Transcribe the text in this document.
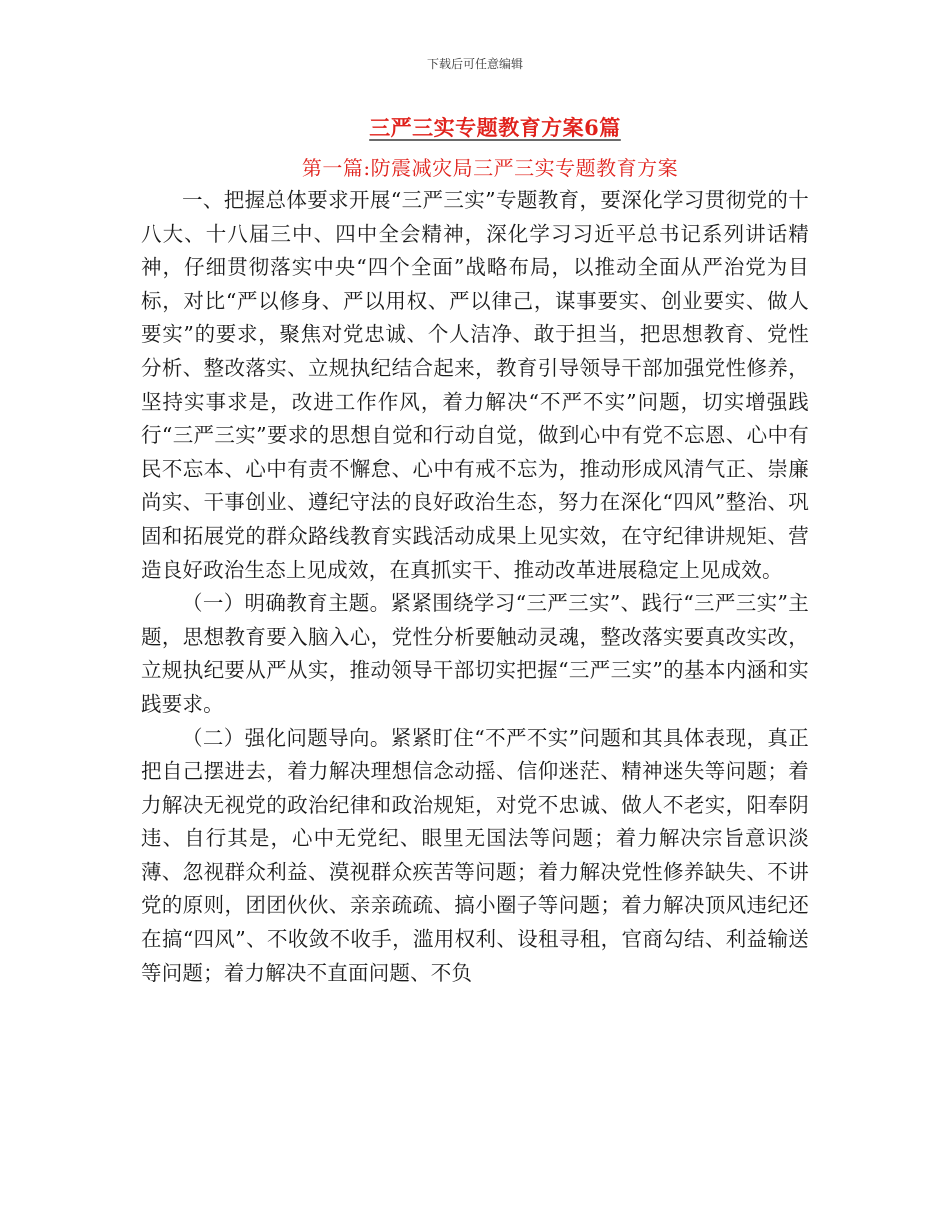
下载后可任意编辑
三严三实专题教育方案6篇
第一篇:防震减灾局三严三实专题教育方案

一、把握总体要求开展“三严三实”专题教育，要深化学习贯彻党的十八大、十八届三中、四中全会精神，深化学习习近平总书记系列讲话精神，仔细贯彻落实中央“四个全面”战略布局，以推动全面从严治党为目标，对比“严以修身、严以用权、严以律己，谋事要实、创业要实、做人要实”的要求，聚焦对党忠诚、个人洁净、敢于担当，把思想教育、党性分析、整改落实、立规执纪结合起来，教育引导领导干部加强党性修养，坚持实事求是，改进工作作风，着力解决“不严不实”问题，切实增强践行“三严三实”要求的思想自觉和行动自觉，做到心中有党不忘恩、心中有民不忘本、心中有责不懈怠、心中有戒不忘为，推动形成风清气正、崇廉尚实、干事创业、遵纪守法的良好政治生态，努力在深化“四风”整治、巩固和拓展党的群众路线教育实践活动成果上见实效，在守纪律讲规矩、营造良好政治生态上见成效，在真抓实干、推动改革进展稳定上见成效。

（一）明确教育主题。紧紧围绕学习“三严三实”、践行“三严三实”主题，思想教育要入脑入心，党性分析要触动灵魂，整改落实要真改实改，立规执纪要从严从实，推动领导干部切实把握“三严三实”的基本内涵和实践要求。

（二）强化问题导向。紧紧盯住“不严不实”问题和其具体表现，真正把自己摆进去，着力解决理想信念动摇、信仰迷茫、精神迷失等问题；着力解决无视党的政治纪律和政治规矩，对党不忠诚、做人不老实，阳奉阴违、自行其是，心中无党纪、眼里无国法等问题；着力解决宗旨意识淡薄、忽视群众利益、漠视群众疾苦等问题；着力解决党性修养缺失、不讲党的原则，团团伙伙、亲亲疏疏、搞小圈子等问题；着力解决顶风违纪还在搞“四风”、不收敛不收手，滥用权利、设租寻租，官商勾结、利益输送等问题；着力解决不直面问题、不负
